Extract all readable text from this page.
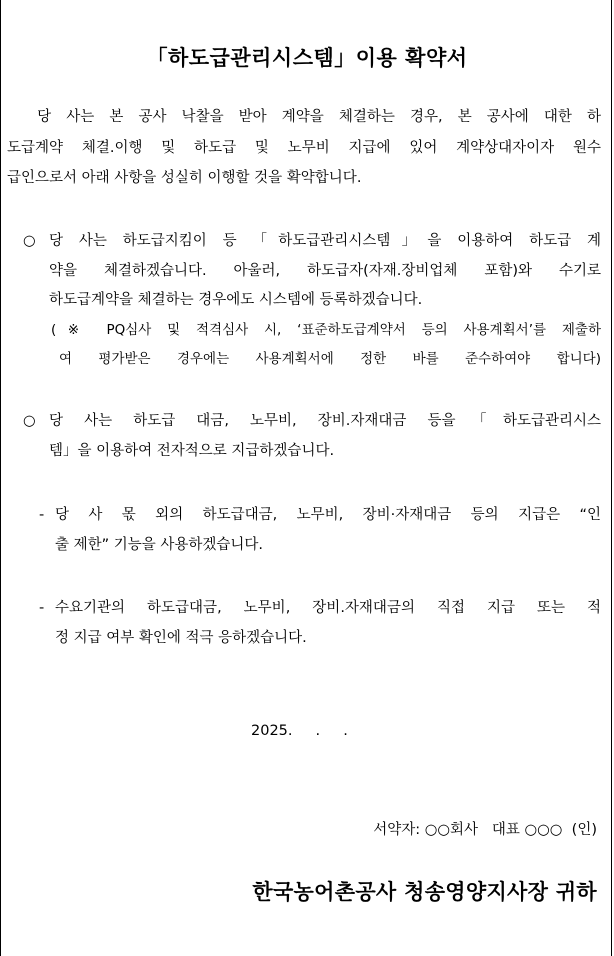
「하도급관리시스템」이용 확약서
당 사는 본 공사 낙찰을 받아 계약을 체결하는 경우, 본 공사에 대한 하
도급계약 체결.이행 및 하도급 및 노무비 지급에 있어 계약상대자이자 원수
급인으로서 아래 사항을 성실히 이행할 것을 확약합니다.
○ 당 사는 하도급지킴이 등 「하도급관리시스템」을 이용하여 하도급 계
약을 체결하겠습니다. 아울러, 하도급자(자재.장비업체 포함)와 수기로
하도급계약을 체결하는 경우에도 시스템에 등록하겠습니다.
(※ PQ심사 및 적격심사 시, ‘표준하도급계약서 등의 사용계획서’를 제출하
여 평가받은 경우에는 사용계획서에 정한 바를 준수하여야 합니다)
○ 당 사는 하도급 대금, 노무비, 장비.자재대금 등을「하도급관리시스
템」을 이용하여 전자적으로 지급하겠습니다.
- 당 사 몫 외의 하도급대금, 노무비, 장비·자재대금 등의 지급은 “인
출 제한” 기능을 사용하겠습니다.
- 수요기관의 하도급대금, 노무비, 장비.자재대금의 직접 지급 또는 적
정 지급 여부 확인에 적극 응하겠습니다.
2025.     .     .
서약자: ○○회사   대표 ○○○  (인)
한국농어촌공사 청송영양지사장 귀하
